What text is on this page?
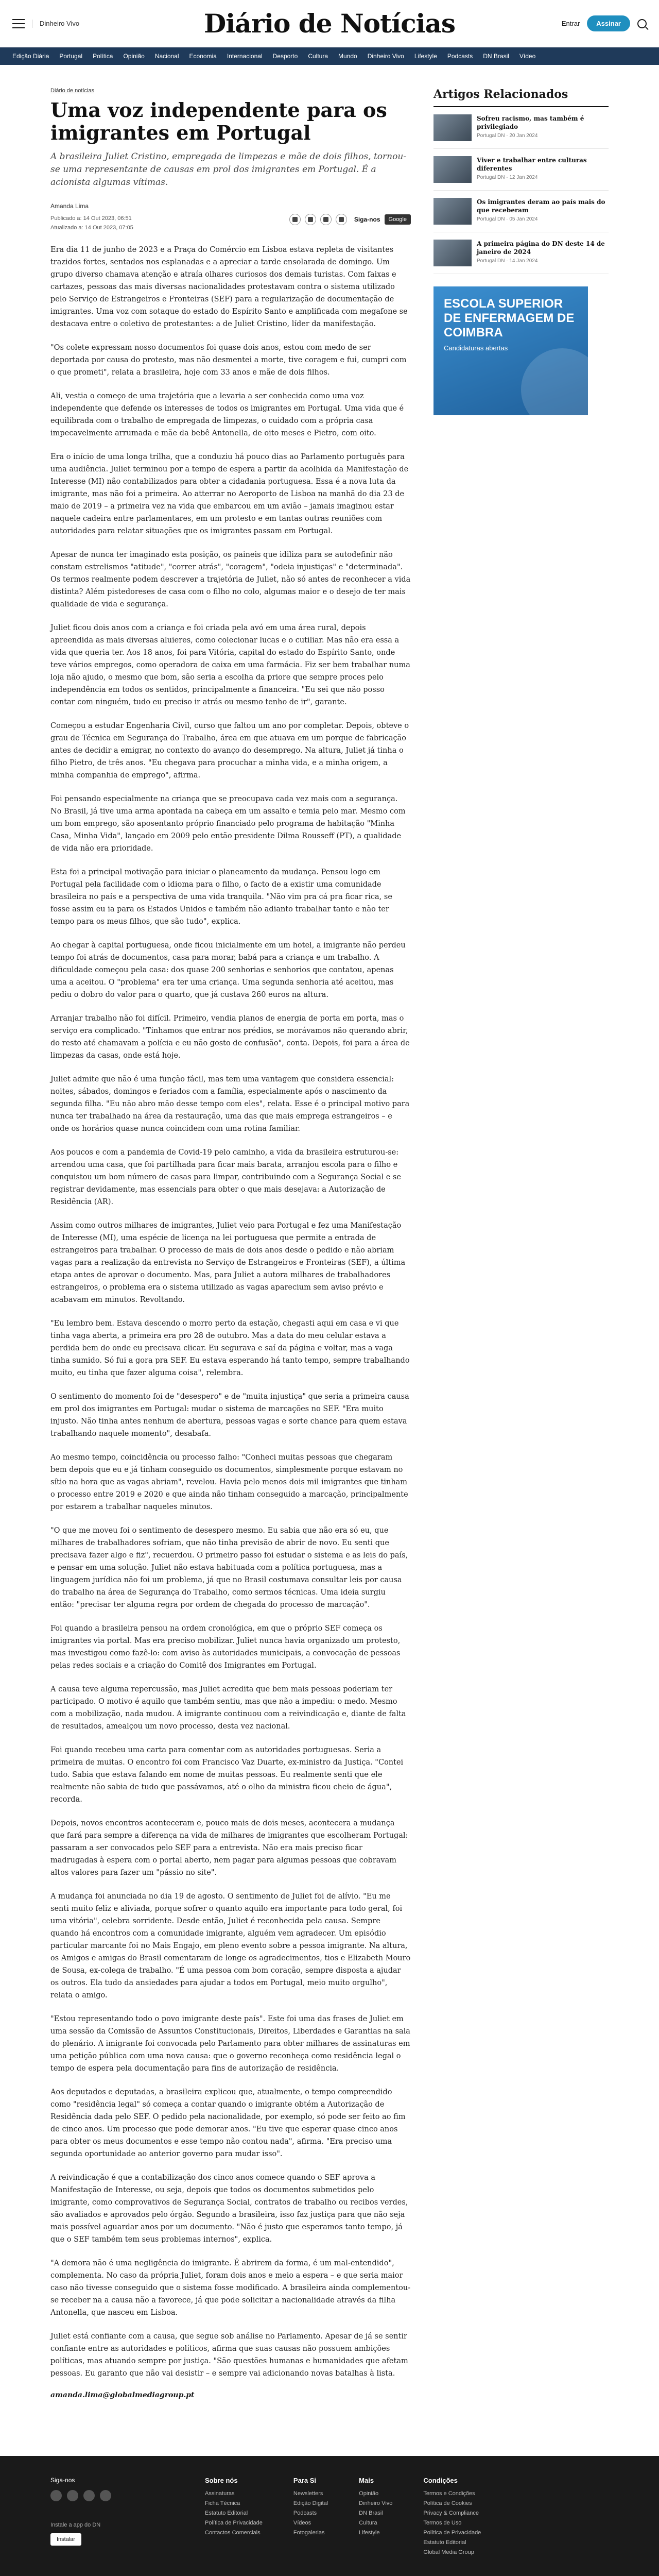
Dinheiro Vivo	Diário de Notícias	Entrar	Assinar
Edição Diária Portugal Política Opinião Nacional Economia Internacional Desporto Cultura Mundo Dinheiro Vivo Lifestyle Podcasts DN Brasil Vídeo
Diário de notícias
Uma voz independente para os imigrantes em Portugal

A brasileira Juliet Cristino, empregada de limpezas e mãe de dois filhos, tornou-se uma representante de causas em prol dos imigrantes em Portugal. É a acionista algumas vítimas.

Amanda Lima
Publicado a: 14 Out 2023, 06:51
Atualizado a: 14 Out 2023, 07:05
Siga-nos	Google

Era dia 11 de junho de 2023 e a Praça do Comércio em Lisboa estava repleta de visitantes trazidos fortes, sentados nos esplanadas e a apreciar a tarde ensolarada de domingo. Um grupo diverso chamava atenção e atraía olhares curiosos dos demais turistas. Com faixas e cartazes, pessoas das mais diversas nacionalidades protestavam contra o sistema utilizado pelo Serviço de Estrangeiros e Fronteiras (SEF) para a regularização de documentação de imigrantes. Uma voz com sotaque do estado do Espírito Santo e amplificada com megafone se destacava entre o coletivo de protestantes: a de Juliet Cristino, líder da manifestação.

"Os colete expressam nosso documentos foi quase dois anos, estou com medo de ser deportada por causa do protesto, mas não desmentei a morte, tive coragem e fui, cumpri com o que prometi", relata a brasileira, hoje com 33 anos e mãe de dois filhos.

Ali, vestia o começo de uma trajetória que a levaria a ser conhecida como uma voz independente que defende os interesses de todos os imigrantes em Portugal. Uma vida que é equilibrada com o trabalho de empregada de limpezas, o cuidado com a própria casa impecavelmente arrumada e mãe da bebê Antonella, de oito meses e Pietro, com oito.

Era o início de uma longa trilha, que a conduziu há pouco dias ao Parlamento português para uma audiência. Juliet terminou por a tempo de espera a partir da acolhida da Manifestação de Interesse (MI) não contabilizados para obter a cidadania portuguesa. Essa é a nova luta da imigrante, mas não foi a primeira. Ao atterrar no Aeroporto de Lisboa na manhã do dia 23 de maio de 2019 – a primeira vez na vida que embarcou em um avião – jamais imaginou estar naquele cadeira entre parlamentares, em um protesto e em tantas outras reuniões com autoridades para relatar situações que os imigrantes passam em Portugal.

Apesar de nunca ter imaginado esta posição, os paineis que idiliza para se autodefinir não constam estrelismos "atitude", "correr atrás", "coragem", "odeia injustiças" e "determinada". Os termos realmente podem descrever a trajetória de Juliet, não só antes de reconhecer a vida distinta? Além pistedoreses de casa com o filho no colo, algumas maior e o desejo de ter mais qualidade de vida e segurança.

Juliet ficou dois anos com a criança e foi criada pela avó em uma área rural, depois apreendida as mais diversas aluieres, como colecionar lucas e o cutiliar. Mas não era essa a vida que queria ter. Aos 18 anos, foi para Vitória, capital do estado do Espírito Santo, onde teve vários empregos, como operadora de caixa em uma farmácia. Fiz ser bem trabalhar numa loja não ajudo, o mesmo que bom, são seria a escolha da priore que sempre proces pelo independência em todos os sentidos, principalmente a financeira. "Eu sei que não posso contar com ninguém, tudo eu preciso ir atrás ou mesmo tenho de ir", garante.

Começou a estudar Engenharia Civil, curso que faltou um ano por completar. Depois, obteve o grau de Técnica em Segurança do Trabalho, área em que atuava em um porque de fabricação antes de decidir a emigrar, no contexto do avanço do desemprego. Na altura, Juliet já tinha o filho Pietro, de três anos. "Eu chegava para procuchar a minha vida, e a minha origem, a minha companhia de emprego", afirma.

Foi pensando especialmente na criança que se preocupava cada vez mais com a segurança. No Brasil, já tive uma arma apontada na cabeça em um assalto e temia pelo mar. Mesmo com um bom emprego, são aposentanto próprio financiado pelo programa de habitação "Minha Casa, Minha Vida", lançado em 2009 pelo então presidente Dilma Rousseff (PT), a qualidade de vida não era prioridade.

Esta foi a principal motivação para iniciar o planeamento da mudança. Pensou logo em Portugal pela facilidade com o idioma para o filho, o facto de a existir uma comunidade brasileira no país e a perspectiva de uma vida tranquila. "Não vim pra cá pra ficar rica, se fosse assim eu ia para os Estados Unidos e também não adianto trabalhar tanto e não ter tempo para os meus filhos, que são tudo", explica.

Ao chegar à capital portuguesa, onde ficou inicialmente em um hotel, a imigrante não perdeu tempo foi atrás de documentos, casa para morar, babá para a criança e um trabalho. A dificuldade começou pela casa: dos quase 200 senhorias e senhorios que contatou, apenas uma a aceitou. O "problema" era ter uma criança. Uma segunda senhoria até aceitou, mas pediu o dobro do valor para o quarto, que já custava 260 euros na altura.

Arranjar trabalho não foi difícil. Primeiro, vendia planos de energia de porta em porta, mas o serviço era complicado. "Tínhamos que entrar nos prédios, se morávamos não querando abrir, do resto até chamavam a polícia e eu não gosto de confusão", conta. Depois, foi para a área de limpezas da casas, onde está hoje.

Juliet admite que não é uma função fácil, mas tem uma vantagem que considera essencial: noites, sábados, domingos e feriados com a família, especialmente após o nascimento da segunda filha. "Eu não abro mão desse tempo com eles", relata. Esse é o principal motivo para nunca ter trabalhado na área da restauração, uma das que mais emprega estrangeiros – e onde os horários quase nunca coincidem com uma rotina familiar.

Aos poucos e com a pandemia de Covid-19 pelo caminho, a vida da brasileira estruturou-se: arrendou uma casa, que foi partilhada para ficar mais barata, arranjou escola para o filho e conquistou um bom número de casas para limpar, contribuindo com a Segurança Social e se registrar devidamente, mas essencials para obter o que mais desejava: a Autorização de Residência (AR).

Assim como outros milhares de imigrantes, Juliet veio para Portugal e fez uma Manifestação de Interesse (MI), uma espécie de licença na lei portuguesa que permite a entrada de estrangeiros para trabalhar. O processo de mais de dois anos desde o pedido e não abriam vagas para a realização da entrevista no Serviço de Estrangeiros e Fronteiras (SEF), a última etapa antes de aprovar o documento. Mas, para Juliet a autora milhares de trabalhadores estrangeiros, o problema era o sistema utilizado as vagas aparecium sem aviso prévio e acabavam em minutos. Revoltando.

"Eu lembro bem. Estava descendo o morro perto da estação, chegasti aqui em casa e vi que tinha vaga aberta, a primeira era pro 28 de outubro. Mas a data do meu celular estava a perdida bem do onde eu precisava clicar. Eu segurava e saí da página e voltar, mas a vaga tinha sumido. Só fui a gora pra SEF. Eu estava esperando há tanto tempo, sempre trabalhando muito, eu tinha que fazer alguma coisa", relembra.

O sentimento do momento foi de "desespero" e de "muita injustiça" que seria a primeira causa em prol dos imigrantes em Portugal: mudar o sistema de marcações no SEF. "Era muito injusto. Não tinha antes nenhum de abertura, pessoas vagas e sorte chance para quem estava trabalhando naquele momento", desabafa.

Ao mesmo tempo, coincidência ou processo falho: "Conheci muitas pessoas que chegaram bem depois que eu e já tinham conseguido os documentos, simplesmente porque estavam no sítio na hora que as vagas abriam", revelou. Havia pelo menos dois mil imigrantes que tinham o processo entre 2019 e 2020 e que ainda não tinham conseguido a marcação, principalmente por estarem a trabalhar naqueles minutos.

"O que me moveu foi o sentimento de desespero mesmo. Eu sabia que não era só eu, que milhares de trabalhadores sofriam, que não tinha previsão de abrir de novo. Eu senti que precisava fazer algo e fiz", recuerdou. O primeiro passo foi estudar o sistema e as leis do país, e pensar em uma solução. Juliet não estava habituada com a política portuguesa, mas a linguagem jurídica não foi um problema, já que no Brasil costumava consultar leis por causa do trabalho na área de Segurança do Trabalho, como sermos técnicas. Uma ideia surgiu então: "precisar ter alguma regra por ordem de chegada do processo de marcação".

Foi quando a brasileira pensou na ordem cronológica, em que o próprio SEF começa os imigrantes via portal. Mas era preciso mobilizar. Juliet nunca havia organizado um protesto, mas investigou como fazê-lo: com aviso às autoridades municipais, a convocação de pessoas pelas redes sociais e a criação do Comitê dos Imigrantes em Portugal.

A causa teve alguma repercussão, mas Juliet acredita que bem mais pessoas poderiam ter participado. O motivo é aquilo que também sentiu, mas que não a impediu: o medo. Mesmo com a mobilização, nada mudou. A imigrante continuou com a reivindicação e, diante de falta de resultados, amealçou um novo processo, desta vez nacional.

Foi quando recebeu uma carta para comentar com as autoridades portuguesas. Seria a primeira de muitas. O encontro foi com Francisco Vaz Duarte, ex-ministro da Justiça. "Contei tudo. Sabia que estava falando em nome de muitas pessoas. Eu realmente senti que ele realmente não sabia de tudo que passávamos, até o olho da ministra ficou cheio de água", recorda.

Depois, novos encontros aconteceram e, pouco mais de dois meses, acontecera a mudança que fará para sempre a diferença na vida de milhares de imigrantes que escolheram Portugal: passaram a ser convocados pelo SEF para a entrevista. Não era mais preciso ficar madrugadas à espera com o portal aberto, nem pagar para algumas pessoas que cobravam altos valores para fazer um "pássio no site".

A mudança foi anunciada no dia 19 de agosto. O sentimento de Juliet foi de alívio. "Eu me senti muito feliz e aliviada, porque sofrer o quanto aquilo era importante para todo geral, foi uma vitória", celebra sorridente. Desde então, Juliet é reconhecida pela causa. Sempre quando há encontros com a comunidade imigrante, alguém vem agradecer. Um episódio particular marcante foi no Mais Engajo, em pleno evento sobre a pessoa imigrante. Na altura, os Amigos e amigas do Brasil comentaram de longe os agradecimentos, tios e Elizabeth Mouro de Sousa, ex-colega de trabalho. "É uma pessoa com bom coração, sempre disposta a ajudar os outros. Ela tudo da ansiedades para ajudar a todos em Portugal, meio muito orgulho", relata o amigo.

"Estou representando todo o povo imigrante deste país". Este foi uma das frases de Juliet em uma sessão da Comissão de Assuntos Constitucionais, Direitos, Liberdades e Garantias na sala do plenário. A imigrante foi convocada pelo Parlamento para obter milhares de assinaturas em uma petição pública com uma nova causa: que o governo reconheça como residência legal o tempo de espera pela documentação para fins de autorização de residência.

Aos deputados e deputadas, a brasileira explicou que, atualmente, o tempo compreendido como "residência legal" só começa a contar quando o imigrante obtém a Autorização de Residência dada pelo SEF. O pedido pela nacionalidade, por exemplo, só pode ser feito ao fim de cinco anos. Um processo que pode demorar anos. "Eu tive que esperar quase cinco anos para obter os meus documentos e esse tempo não contou nada", afirma. "Era preciso uma segunda oportunidade ao anterior governo para mudar isso".

A reivindicação é que a contabilização dos cinco anos comece quando o SEF aprova a Manifestação de Interesse, ou seja, depois que todos os documentos submetidos pelo imigrante, como comprovativos de Segurança Social, contratos de trabalho ou recibos verdes, são avaliados e aprovados pelo órgão. Segundo a brasileira, isso faz justiça para que não seja mais possível aguardar anos por um documento. "Não é justo que esperamos tanto tempo, já que o SEF também tem seus problemas internos", explica.

"A demora não é uma negligência do imigrante. É abrirem da forma, é um mal-entendido", complementa. No caso da própria Juliet, foram dois anos e meio a espera – e que seria maior caso não tivesse conseguido que o sistema fosse modificado. A brasileira ainda complementou-se receber na a causa não a favorece, já que pode solicitar a nacionalidade através da filha Antonella, que nasceu em Lisboa.

Juliet está confiante com a causa, que segue sob análise no Parlamento. Apesar de já se sentir confiante entre as autoridades e políticos, afirma que suas causas não possuem ambições políticas, mas atuando sempre por justiça. "São questões humanas e humanidades que afetam pessoas. Eu garanto que não vai desistir – e sempre vai adicionando novas batalhas à lista.

amanda.lima@globalmediagroup.pt
Artigos Relacionados
Sofreu racismo, mas também é privilegiado
Portugal DN · 20 Jan 2024
Viver e trabalhar entre culturas diferentes
Portugal DN · 12 Jan 2024
Os imigrantes deram ao país mais do que receberam
Portugal DN · 05 Jan 2024
A primeira página do DN deste 14 de janeiro de 2024
Portugal DN · 14 Jan 2024
ESCOLA SUPERIOR DE ENFERMAGEM DE COIMBRA
Candidaturas abertas
Siga-nos
Instale a app do DN
Instalar
Sobre nós
Assinaturas
Ficha Técnica
Estatuto Editorial
Política de Privacidade
Contactos Comerciais
Para Si
Newsletters
Edição Digital
Podcasts
Vídeos
Fotogalerias
Mais
Opinião
Dinheiro Vivo
DN Brasil
Cultura
Lifestyle
Condições
Termos e Condições
Política de Cookies
Privacy & Compliance
Termos de Uso
Política de Privacidade
Estatuto Editorial
Global Media Group
